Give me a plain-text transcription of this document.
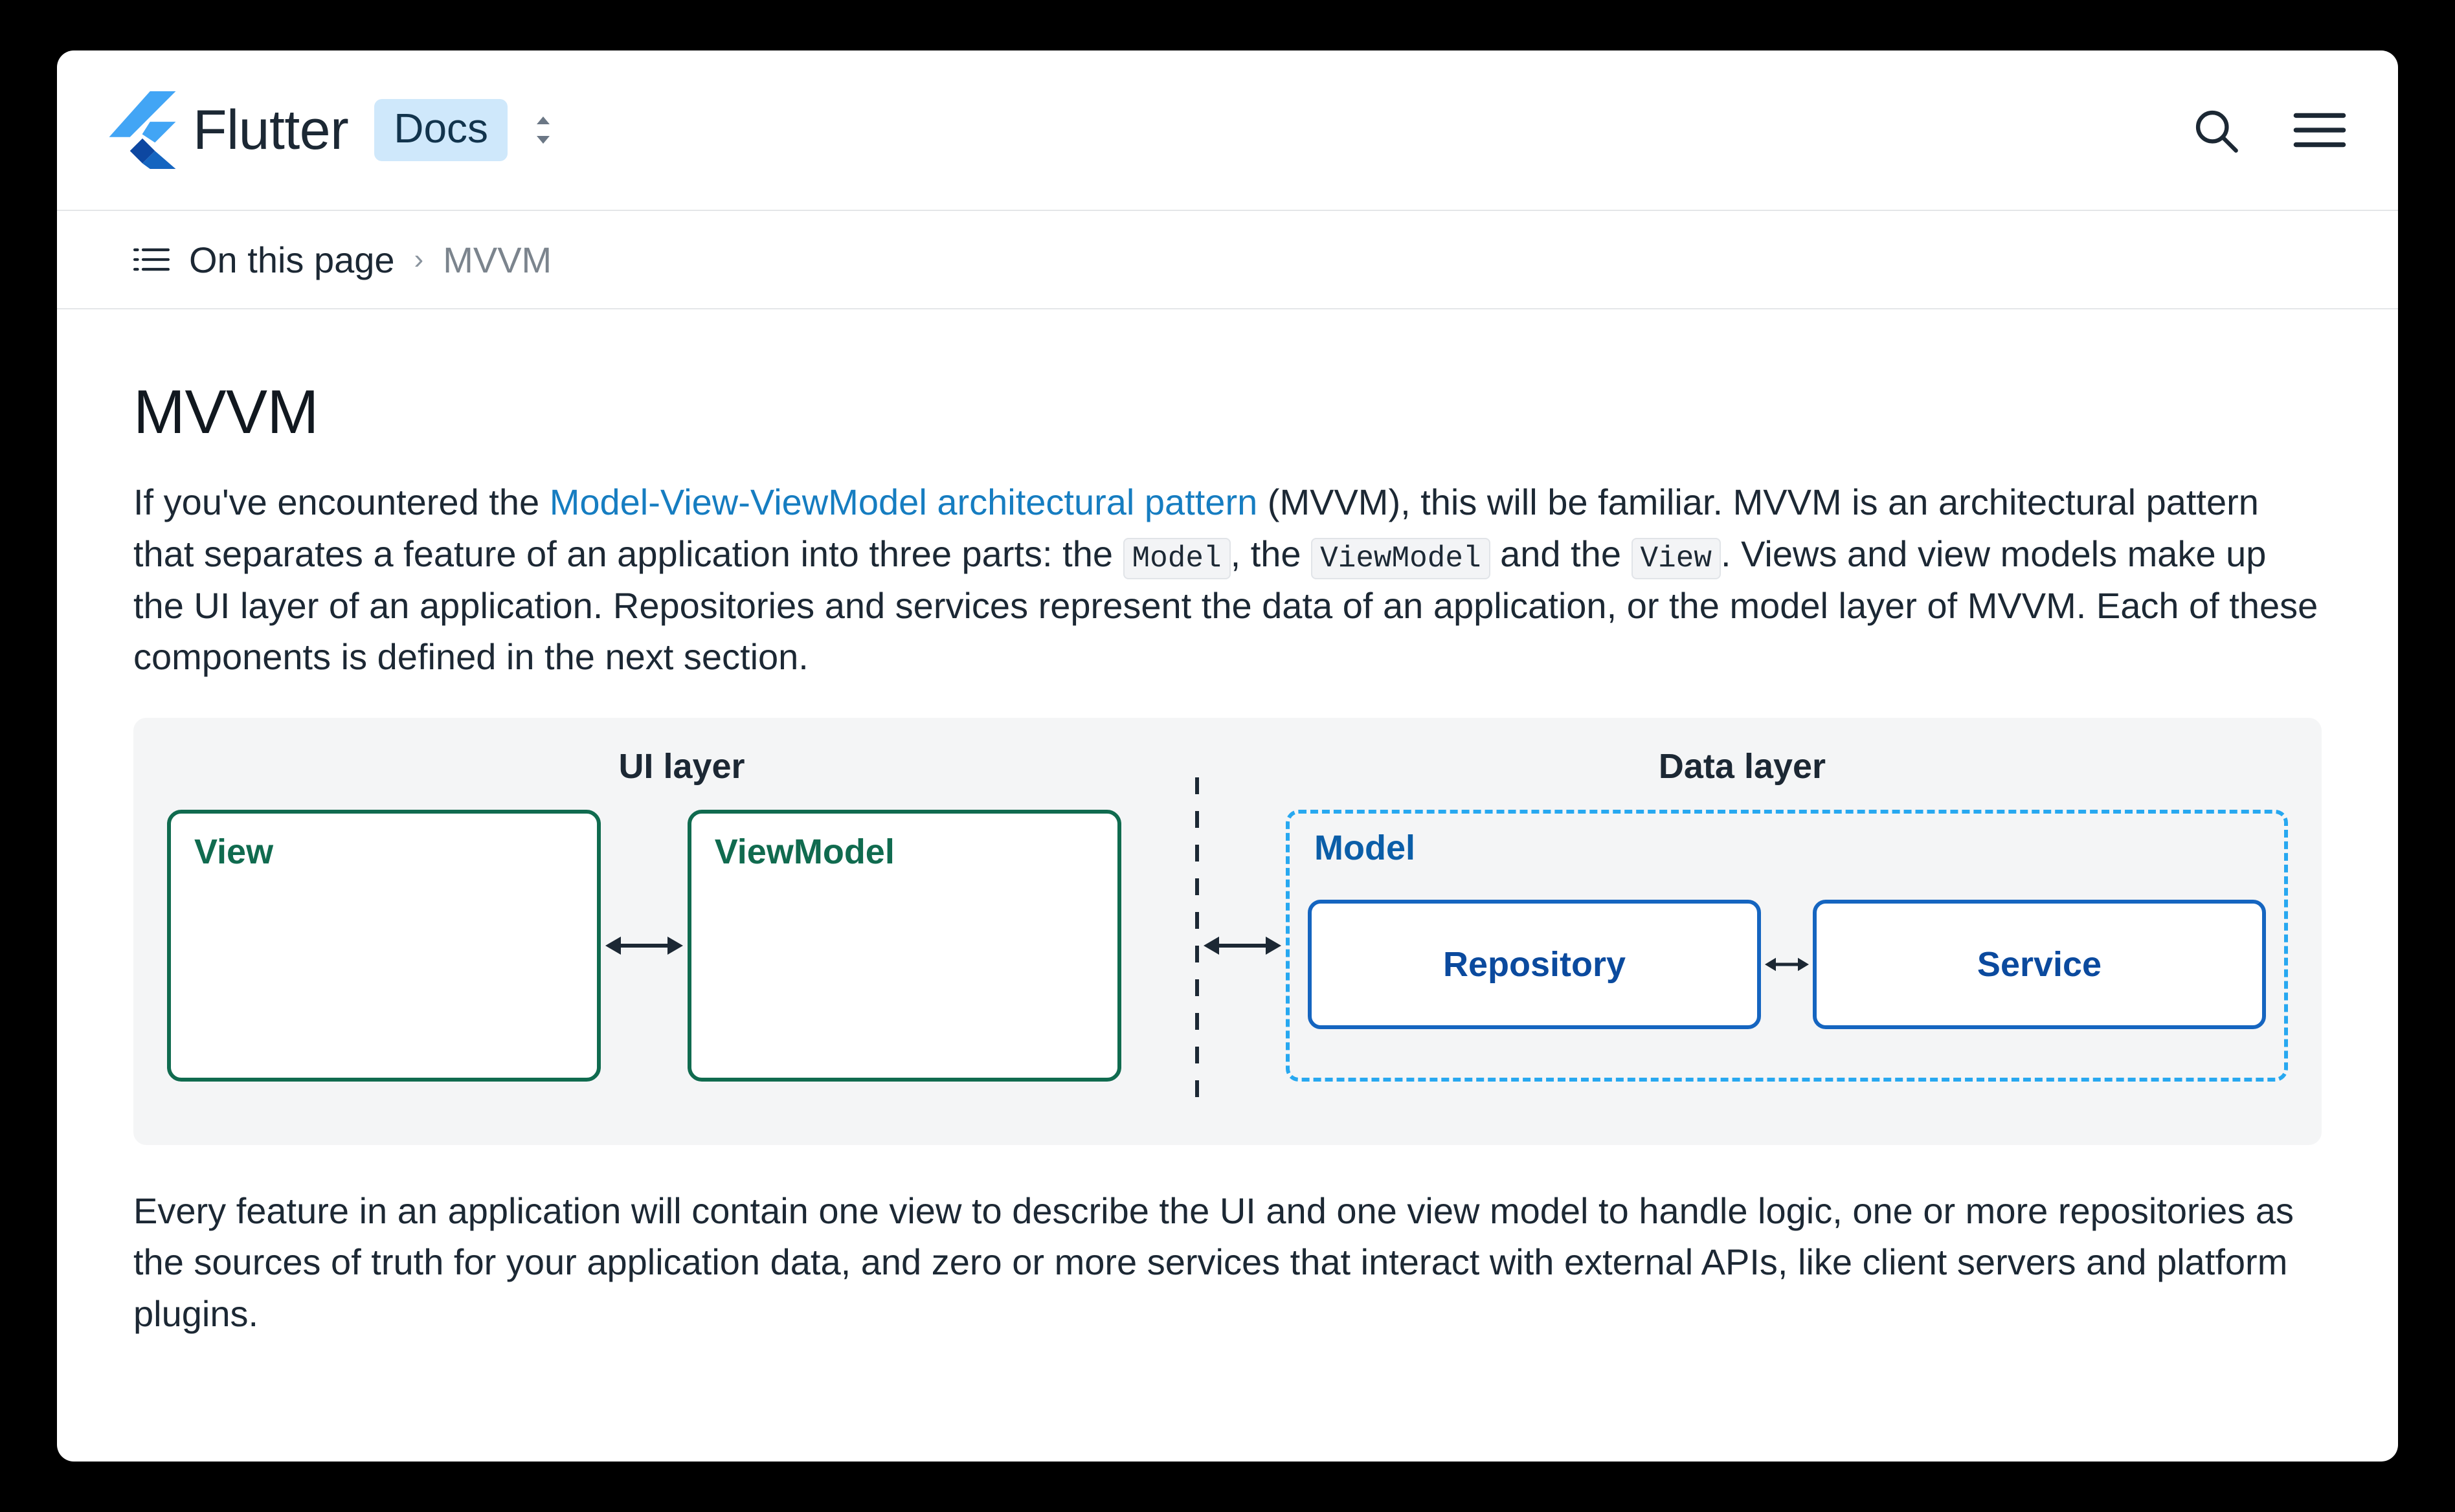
Flutter	Docs
On this page › MVVM
MVVM

If you've encountered the Model-View-ViewModel architectural pattern (MVVM), this will be familiar. MVVM is an architectural pattern that separates a feature of an application into three parts: the Model , the ViewModel and the View . Views and view models make up the UI layer of an application. Repositories and services represent the data of an application, or the model layer of MVVM. Each of these components is defined in the next section.

UI layer	Data layer
View	ViewModel	Model
Repository	Service

Every feature in an application will contain one view to describe the UI and one view model to handle logic, one or more repositories as the sources of truth for your application data, and zero or more services that interact with external APIs, like client servers and platform plugins.
